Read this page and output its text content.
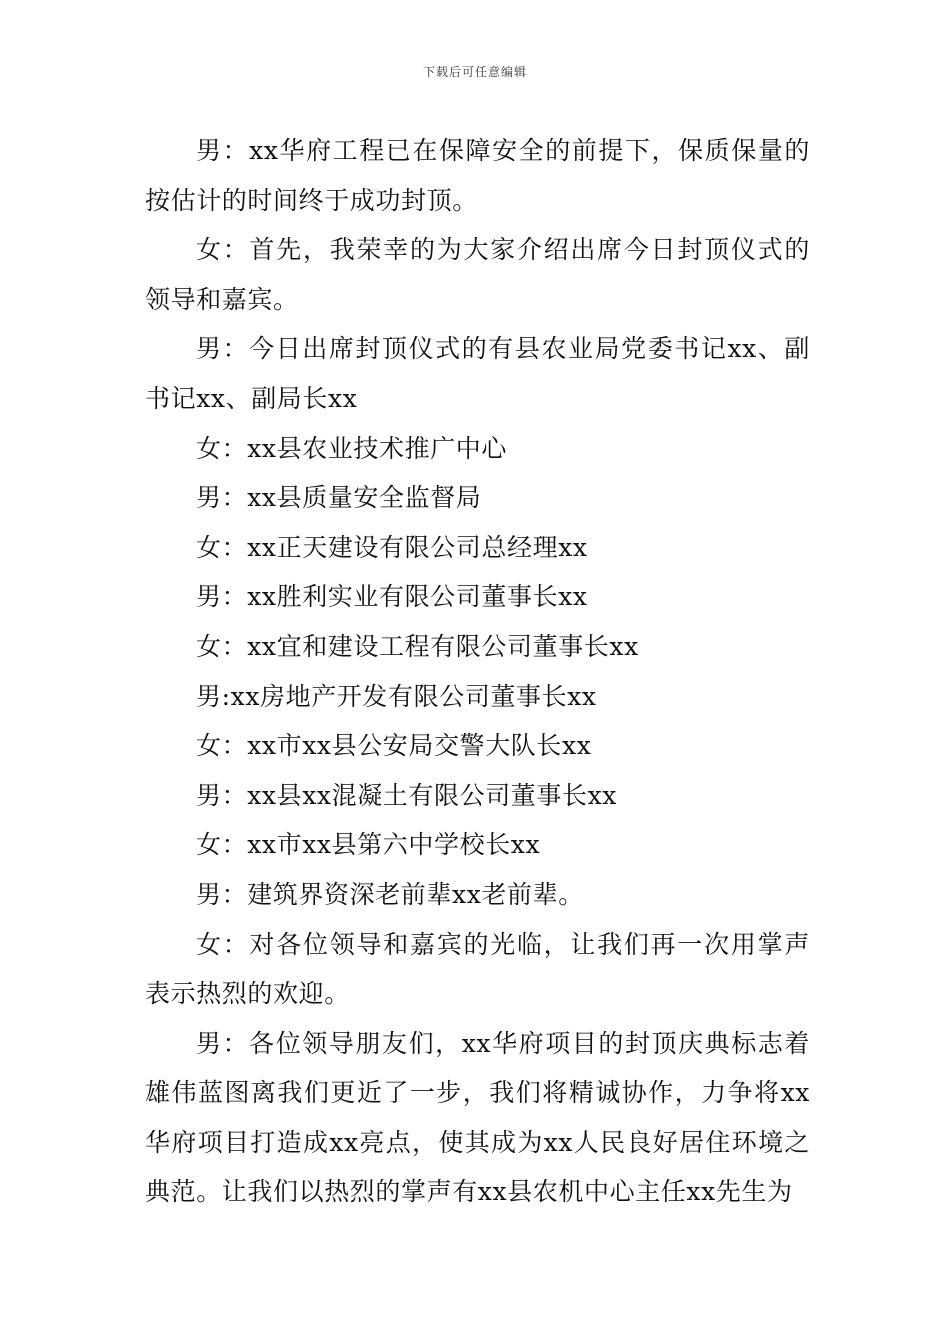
下载后可任意编辑

男：xx华府工程已在保障安全的前提下，保质保量的按估计的时间终于成功封顶。

女：首先，我荣幸的为大家介绍出席今日封顶仪式的领导和嘉宾。

男：今日出席封顶仪式的有县农业局党委书记xx、副书记xx、副局长xx

女：xx县农业技术推广中心

男：xx县质量安全监督局

女：xx正天建设有限公司总经理xx

男：xx胜利实业有限公司董事长xx

女：xx宜和建设工程有限公司董事长xx

男:xx房地产开发有限公司董事长xx

女：xx市xx县公安局交警大队长xx

男：xx县xx混凝土有限公司董事长xx

女：xx市xx县第六中学校长xx

男：建筑界资深老前辈xx老前辈。

女：对各位领导和嘉宾的光临，让我们再一次用掌声表示热烈的欢迎。

男：各位领导朋友们，xx华府项目的封顶庆典标志着雄伟蓝图离我们更近了一步，我们将精诚协作，力争将xx华府项目打造成xx亮点，使其成为xx人民良好居住环境之典范。让我们以热烈的掌声有xx县农机中心主任xx先生为
